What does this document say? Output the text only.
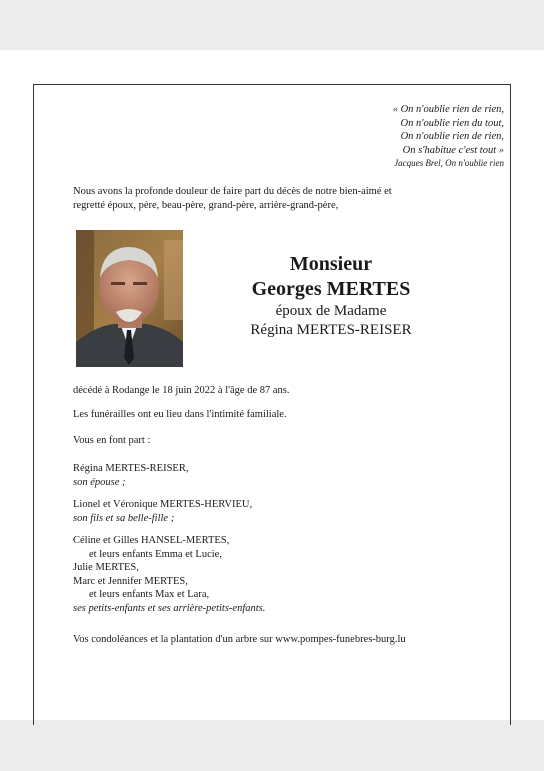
« On n'oublie rien de rien,
On n'oublie rien du tout,
On n'oublie rien de rien,
On s'habitue c'est tout »
Jacques Brel, On n'oublie rien
Nous avons la profonde douleur de faire part du décès de notre bien-aimé et
regretté époux, père, beau-père, grand-père, arrière-grand-père,
Monsieur
Georges MERTES
époux de Madame
Régina MERTES-REISER
décédé à Rodange le 18 juin 2022 à l'âge de 87 ans.
Les funérailles ont eu lieu dans l'intimité familiale.
Vous en font part :
Régina MERTES-REISER,
son épouse ;
Lionel et Véronique MERTES-HERVIEU,
son fils et sa belle-fille ;
Céline et Gilles HANSEL-MERTES,
et leurs enfants Emma et Lucie,
Julie MERTES,
Marc et Jennifer MERTES,
et leurs enfants Max et Lara,
ses petits-enfants et ses arrière-petits-enfants.
Vos condoléances et la plantation d'un arbre sur www.pompes-funebres-burg.lu
